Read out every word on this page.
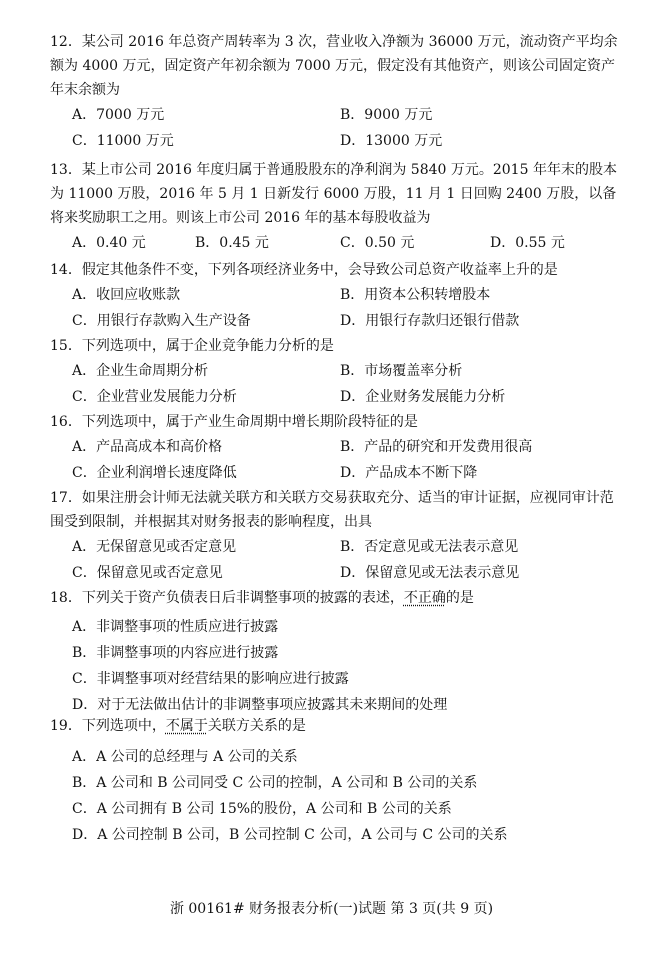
12．某公司 2016 年总资产周转率为 3 次，营业收入净额为 36000 万元，流动资产平均余额为 4000 万元，固定资产年初余额为 7000 万元，假定没有其他资产，则该公司固定资产年末余额为
A．7000 万元	B．9000 万元
C．11000 万元	D．13000 万元
13．某上市公司 2016 年度归属于普通股股东的净利润为 5840 万元。2015 年年末的股本为 11000 万股，2016 年 5 月 1 日新发行 6000 万股，11 月 1 日回购 2400 万股，以备将来奖励职工之用。则该上市公司 2016 年的基本每股收益为
A．0.40 元	B．0.45 元	C．0.50 元	D．0.55 元
14．假定其他条件不变，下列各项经济业务中，会导致公司总资产收益率上升的是
A．收回应收账款	B．用资本公积转增股本
C．用银行存款购入生产设备	D．用银行存款归还银行借款
15．下列选项中，属于企业竞争能力分析的是
A．企业生命周期分析	B．市场覆盖率分析
C．企业营业发展能力分析	D．企业财务发展能力分析
16．下列选项中，属于产业生命周期中增长期阶段特征的是
A．产品高成本和高价格	B．产品的研究和开发费用很高
C．企业利润增长速度降低	D．产品成本不断下降
17．如果注册会计师无法就关联方和关联方交易获取充分、适当的审计证据，应视同审计范围受到限制，并根据其对财务报表的影响程度，出具
A．无保留意见或否定意见	B．否定意见或无法表示意见
C．保留意见或否定意见	D．保留意见或无法表示意见
18．下列关于资产负债表日后非调整事项的披露的表述，不正确的是
A．非调整事项的性质应进行披露
B．非调整事项的内容应进行披露
C．非调整事项对经营结果的影响应进行披露
D．对于无法做出估计的非调整事项应披露其未来期间的处理
19．下列选项中，不属于关联方关系的是
A．A 公司的总经理与 A 公司的关系
B．A 公司和 B 公司同受 C 公司的控制，A 公司和 B 公司的关系
C．A 公司拥有 B 公司 15%的股份，A 公司和 B 公司的关系
D．A 公司控制 B 公司，B 公司控制 C 公司，A 公司与 C 公司的关系
浙 00161# 财务报表分析(一)试题 第 3 页(共 9 页)
